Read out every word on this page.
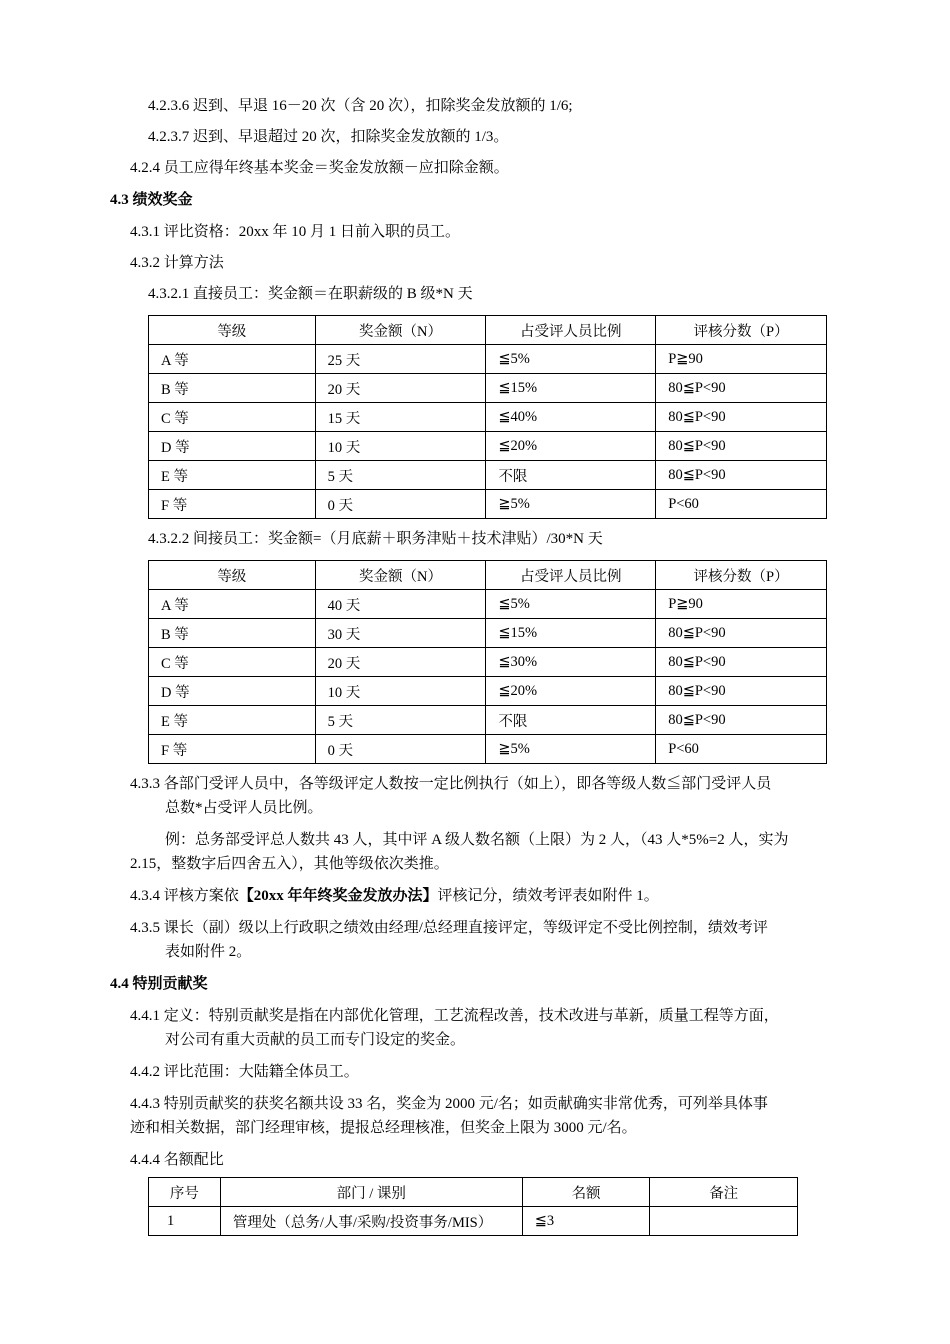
4.2.3.6 迟到、早退 16－20 次（含 20 次），扣除奖金发放额的 1/6;
4.2.3.7 迟到、早退超过 20 次，扣除奖金发放额的 1/3。
4.2.4 员工应得年终基本奖金＝奖金发放额－应扣除金额。
4.3 绩效奖金
4.3.1 评比资格：20xx 年 10 月 1 日前入职的员工。
4.3.2 计算方法
4.3.2.1 直接员工：奖金额＝在职薪级的 B 级*N 天
等级	奖金额（N）	占受评人员比例	评核分数（P）
A 等	25 天	≦5%	P≧90
B 等	20 天	≦15%	80≦P<90
C 等	15 天	≦40%	80≦P<90
D 等	10 天	≦20%	80≦P<90
E 等	5 天	不限	80≦P<90
F 等	0 天	≧5%	P<60
4.3.2.2 间接员工：奖金额=（月底薪＋职务津贴＋技术津贴）/30*N 天
等级	奖金额（N）	占受评人员比例	评核分数（P）
A 等	40 天	≦5%	P≧90
B 等	30 天	≦15%	80≦P<90
C 等	20 天	≦30%	80≦P<90
D 等	10 天	≦20%	80≦P<90
E 等	5 天	不限	80≦P<90
F 等	0 天	≧5%	P<60
4.3.3 各部门受评人员中，各等级评定人数按一定比例执行（如上），即各等级人数≦部门受评人员
总数*占受评人员比例。
例：总务部受评总人数共 43 人，其中评 A 级人数名额（上限）为 2 人，（43 人*5%=2 人，实为
2.15，整数字后四舍五入），其他等级依次类推。
4.3.4 评核方案依【20xx 年年终奖金发放办法】评核记分，绩效考评表如附件 1。
4.3.5 课长（副）级以上行政职之绩效由经理/总经理直接评定，等级评定不受比例控制，绩效考评
表如附件 2。
4.4 特别贡献奖
4.4.1 定义：特别贡献奖是指在内部优化管理，工艺流程改善，技术改进与革新，质量工程等方面，
对公司有重大贡献的员工而专门设定的奖金。
4.4.2 评比范围：大陆籍全体员工。
4.4.3 特别贡献奖的获奖名额共设 33 名，奖金为 2000 元/名；如贡献确实非常优秀，可列举具体事
迹和相关数据，部门经理审核，提报总经理核准，但奖金上限为 3000 元/名。
4.4.4 名额配比
序号	部门 / 课别	名额	备注
1	管理处（总务/人事/采购/投资事务/MIS）	≦3	
